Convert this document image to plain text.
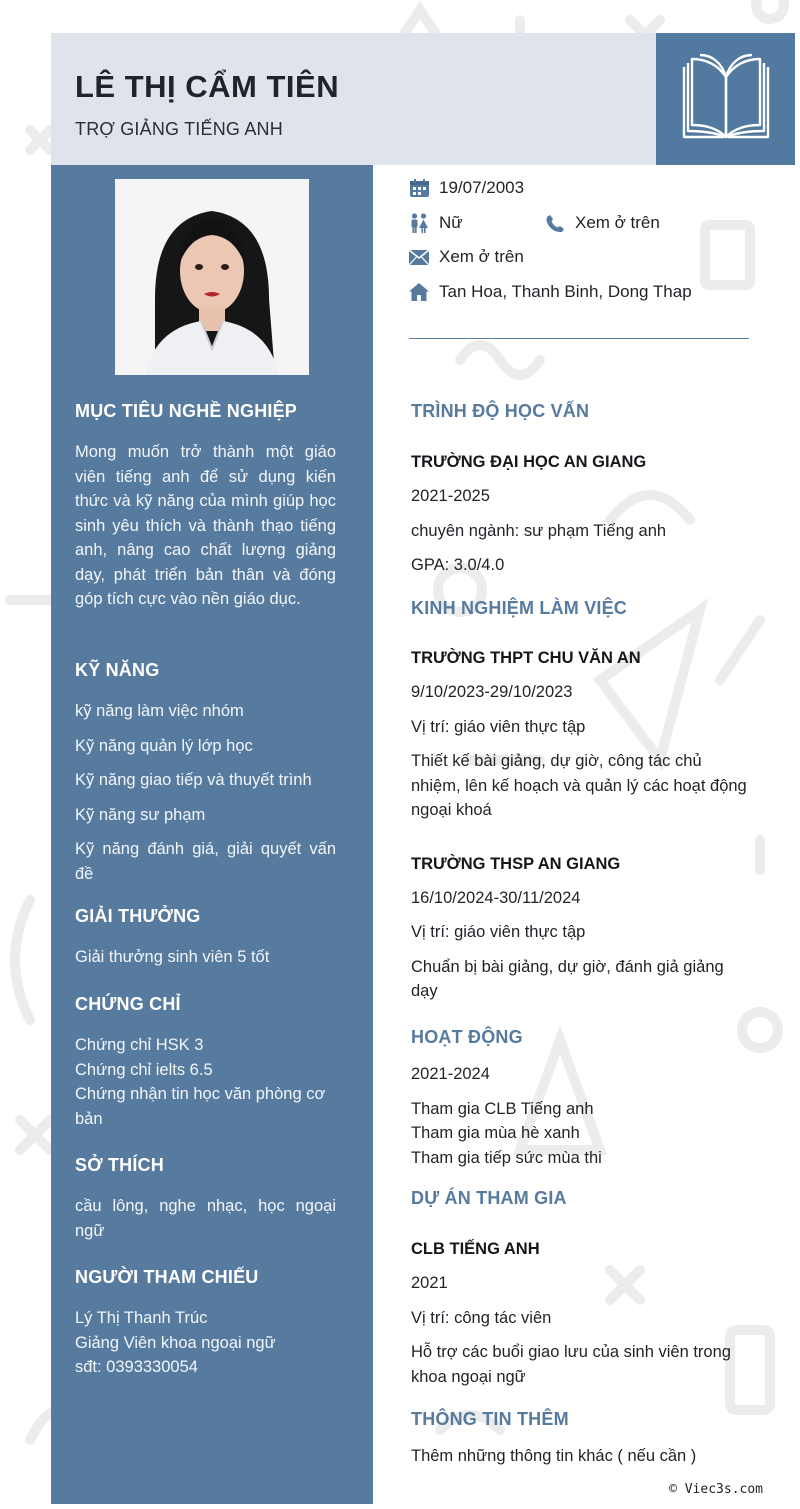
LÊ THỊ CẨM TIÊN
TRỢ GIẢNG TIẾNG ANH
MỤC TIÊU NGHỀ NGHIỆP
Mong muốn trở thành một giáo viên tiếng anh để sử dụng kiến thức và kỹ năng của mình giúp học sinh yêu thích và thành thạo tiếng anh, nâng cao chất lượng giảng dạy, phát triển bản thân và đóng góp tích cực vào nền giáo dục.
KỸ NĂNG
kỹ năng làm việc nhóm
Kỹ năng quản lý lớp học
Kỹ năng giao tiếp và thuyết trình
Kỹ năng sư phạm
Kỹ năng đánh giá, giải quyết vấn đề
GIẢI THƯỞNG
Giải thưởng sinh viên 5 tốt
CHỨNG CHỈ
Chứng chỉ HSK 3
Chứng chỉ ielts 6.5
Chứng nhận tin học văn phòng cơ bản
SỞ THÍCH
cầu lông, nghe nhạc, học ngoại ngữ
NGƯỜI THAM CHIẾU
Lý Thị Thanh Trúc
Giảng Viên khoa ngoại ngữ
sđt: 0393330054
19/07/2003
Nữ	Xem ở trên
Xem ở trên
Tan Hoa, Thanh Binh, Dong Thap
TRÌNH ĐỘ HỌC VẤN
TRƯỜNG ĐẠI HỌC AN GIANG
2021-2025
chuyên ngành: sư phạm Tiếng anh
GPA: 3.0/4.0
KINH NGHIỆM LÀM VIỆC
TRƯỜNG THPT CHU VĂN AN
9/10/2023-29/10/2023
Vị trí: giáo viên thực tập
Thiết kế bài giảng, dự giờ, công tác chủ nhiệm, lên kế hoạch và quản lý các hoạt động ngoại khoá
TRƯỜNG THSP AN GIANG
16/10/2024-30/11/2024
Vị trí: giáo viên thực tập
Chuẩn bị bài giảng, dự giờ, đánh giả giảng dạy
HOẠT ĐỘNG
2021-2024
Tham gia CLB Tiếng anh
Tham gia mùa hè xanh
Tham gia tiếp sức mùa thi
DỰ ÁN THAM GIA
CLB TIẾNG ANH
2021
Vị trí: công tác viên
Hỗ trợ các buổi giao lưu của sinh viên trong khoa ngoại ngữ
THÔNG TIN THÊM
Thêm những thông tin khác ( nếu cần )
© Viec3s.com
